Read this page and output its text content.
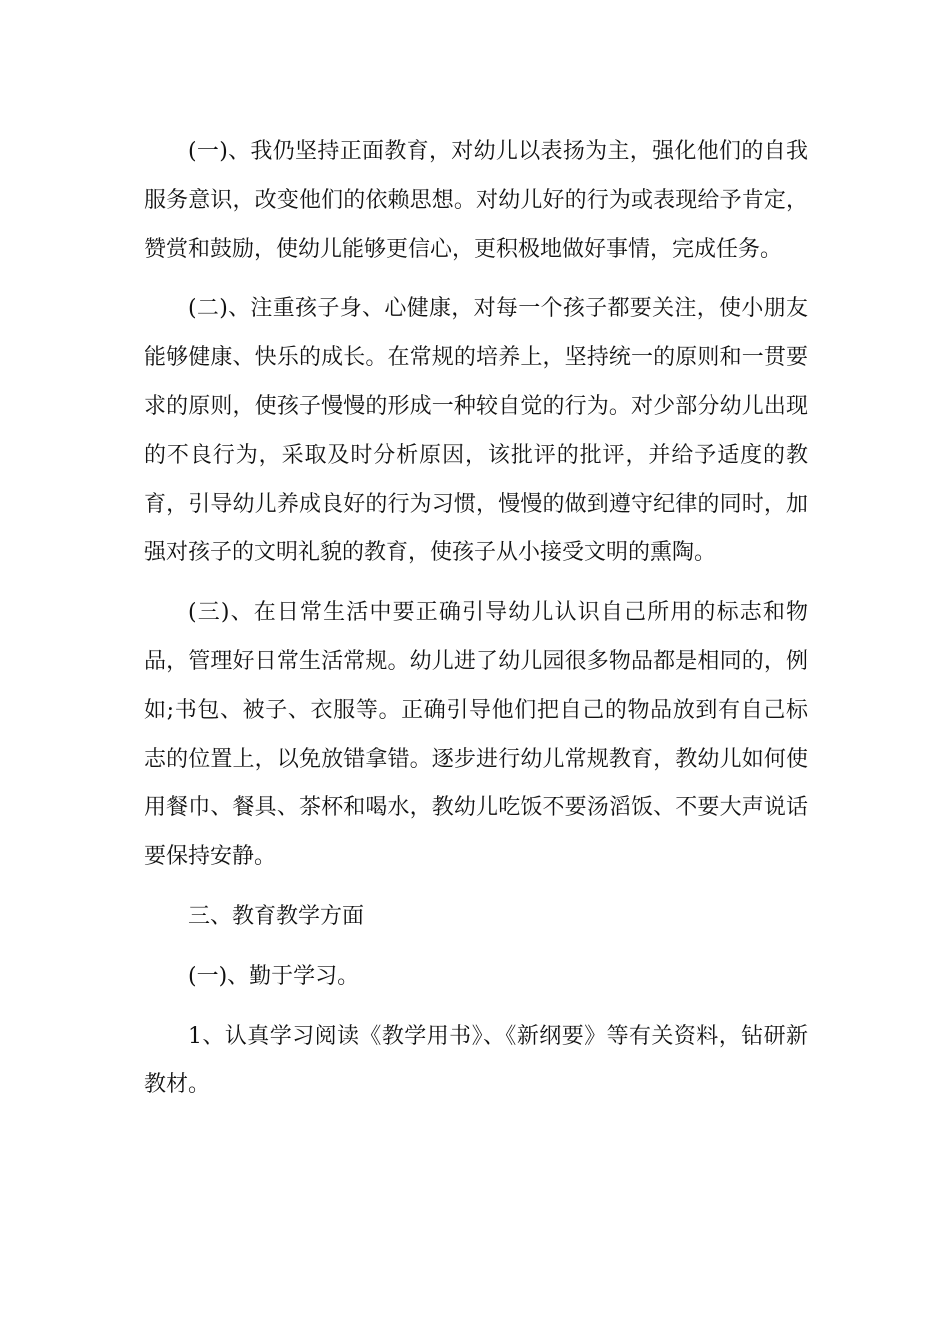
(一)、我仍坚持正面教育，对幼儿以表扬为主，强化他们的自我服务意识，改变他们的依赖思想。对幼儿好的行为或表现给予肯定，赞赏和鼓励，使幼儿能够更信心，更积极地做好事情，完成任务。

(二)、注重孩子身、心健康，对每一个孩子都要关注，使小朋友能够健康、快乐的成长。在常规的培养上，坚持统一的原则和一贯要求的原则，使孩子慢慢的形成一种较自觉的行为。对少部分幼儿出现的不良行为，采取及时分析原因，该批评的批评，并给予适度的教育，引导幼儿养成良好的行为习惯，慢慢的做到遵守纪律的同时，加强对孩子的文明礼貌的教育，使孩子从小接受文明的熏陶。

(三)、在日常生活中要正确引导幼儿认识自己所用的标志和物品，管理好日常生活常规。幼儿进了幼儿园很多物品都是相同的，例如;书包、被子、衣服等。正确引导他们把自己的物品放到有自己标志的位置上，以免放错拿错。逐步进行幼儿常规教育，教幼儿如何使用餐巾、餐具、茶杯和喝水，教幼儿吃饭不要汤滔饭、不要大声说话要保持安静。

三、教育教学方面

(一)、勤于学习。

1、认真学习阅读《教学用书》、《新纲要》等有关资料，钻研新教材。
